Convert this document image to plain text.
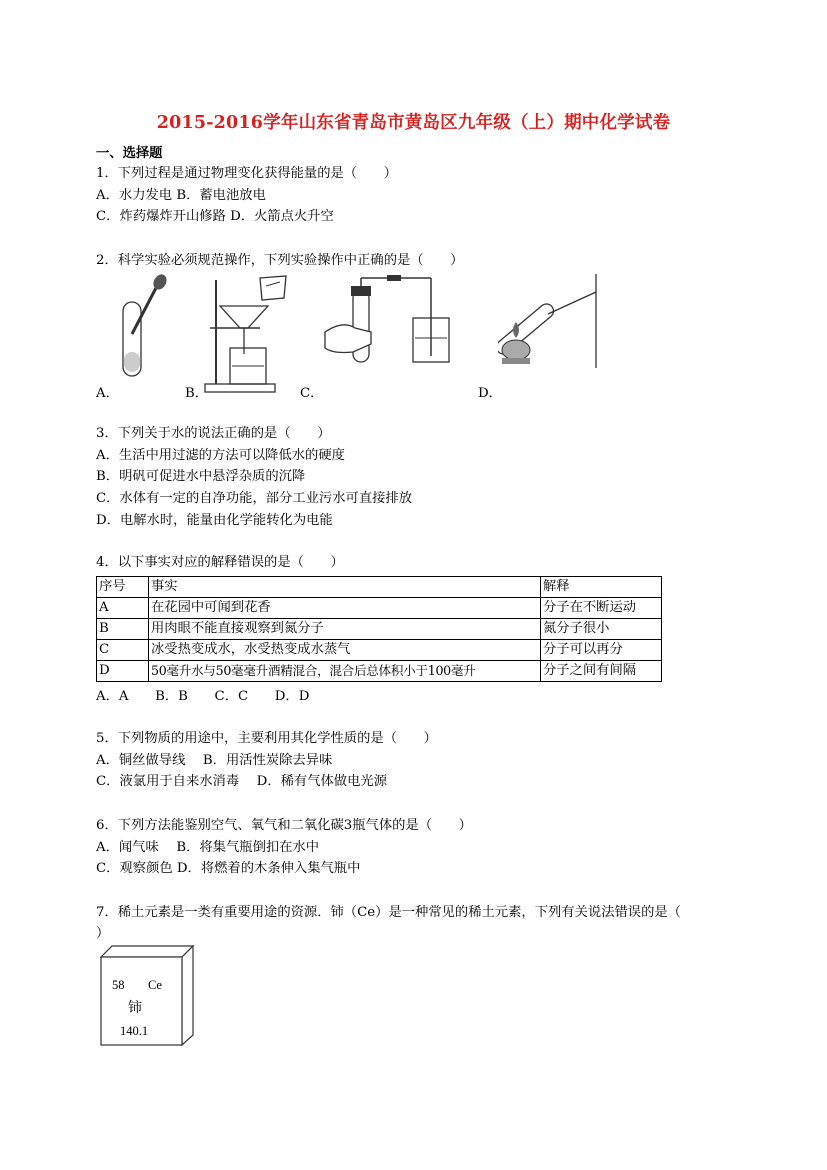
2015-2016学年山东省青岛市黄岛区九年级（上）期中化学试卷
一、选择题
1．下列过程是通过物理变化获得能量的是（　　）
A．水力发电 B．蓄电池放电
C．炸药爆炸开山修路 D．火箭点火升空
2．科学实验必须规范操作，下列实验操作中正确的是（　　）
A．	B．	C．	D．
3．下列关于水的说法正确的是（　　）
A．生活中用过滤的方法可以降低水的硬度
B．明矾可促进水中悬浮杂质的沉降
C．水体有一定的自净功能，部分工业污水可直接排放
D．电解水时，能量由化学能转化为电能
4．以下事实对应的解释错误的是（　　）
序号	事实	解释
A	在花园中可闻到花香	分子在不断运动
B	用肉眼不能直接观察到氮分子	氮分子很小
C	冰受热变成水，水受热变成水蒸气	分子可以再分
D	50毫升水与50毫毫升酒精混合，混合后总体积小于100毫升	分子之间有间隔
A．A　　B．B　　C．C　　D．D
5．下列物质的用途中，主要利用其化学性质的是（　　）
A．铜丝做导线　 B．用活性炭除去异味
C．液氯用于自来水消毒　 D．稀有气体做电光源
6．下列方法能鉴别空气、氧气和二氧化碳3瓶气体的是（　　）
A．闻气味　 B．将集气瓶倒扣在水中
C．观察颜色 D．将燃着的木条伸入集气瓶中
7．稀土元素是一类有重要用途的资源．铈（Ce）是一种常见的稀土元素，下列有关说法错误的是（
）
58 Ce
铈
140.1
